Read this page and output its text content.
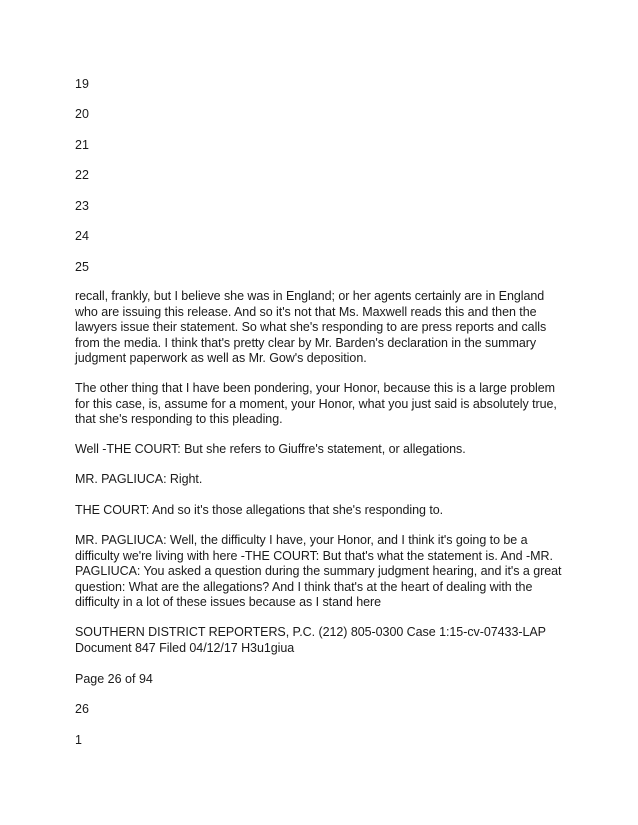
19

20

21

22

23

24

25

recall, frankly, but I believe she was in England; or her agents certainly are in England who are issuing this release. And so it's not that Ms. Maxwell reads this and then the lawyers issue their statement. So what she's responding to are press reports and calls from the media. I think that's pretty clear by Mr. Barden's declaration in the summary judgment paperwork as well as Mr. Gow's deposition.

The other thing that I have been pondering, your Honor, because this is a large problem for this case, is, assume for a moment, your Honor, what you just said is absolutely true, that she's responding to this pleading.

Well -THE COURT: But she refers to Giuffre's statement, or allegations.

MR. PAGLIUCA: Right.

THE COURT: And so it's those allegations that she's responding to.

MR. PAGLIUCA: Well, the difficulty I have, your Honor, and I think it's going to be a difficulty we're living with here -THE COURT: But that's what the statement is. And -MR. PAGLIUCA: You asked a question during the summary judgment hearing, and it's a great question: What are the allegations? And I think that's at the heart of dealing with the difficulty in a lot of these issues because as I stand here

SOUTHERN DISTRICT REPORTERS, P.C. (212) 805-0300 Case 1:15-cv-07433-LAP Document 847 Filed 04/12/17 H3u1giua

Page 26 of 94

26

1
